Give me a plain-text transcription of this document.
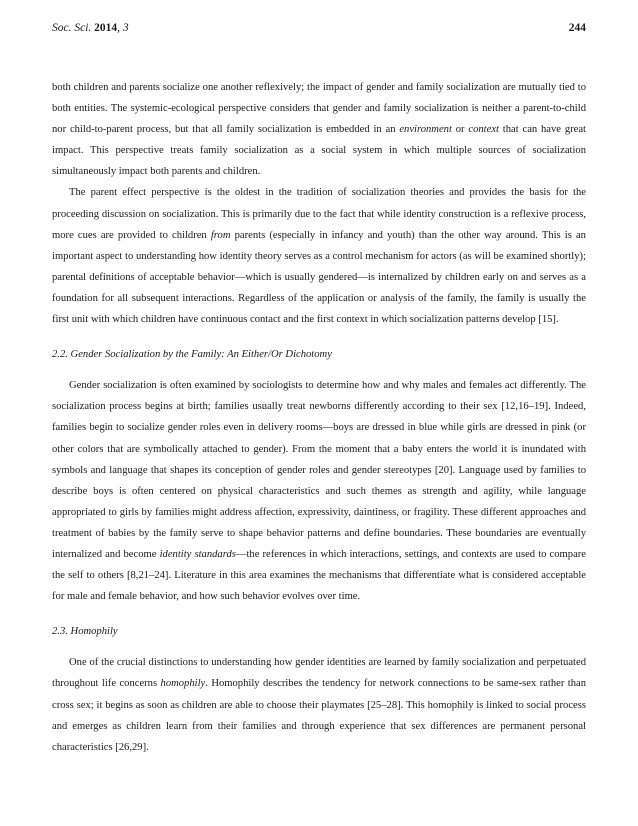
Soc. Sci. 2014, 3	244

both children and parents socialize one another reflexively; the impact of gender and family socialization are mutually tied to both entities. The systemic-ecological perspective considers that gender and family socialization is neither a parent-to-child nor child-to-parent process, but that all family socialization is embedded in an environment or context that can have great impact. This perspective treats family socialization as a social system in which multiple sources of socialization simultaneously impact both parents and children.

The parent effect perspective is the oldest in the tradition of socialization theories and provides the basis for the proceeding discussion on socialization. This is primarily due to the fact that while identity construction is a reflexive process, more cues are provided to children from parents (especially in infancy and youth) than the other way around. This is an important aspect to understanding how identity theory serves as a control mechanism for actors (as will be examined shortly); parental definitions of acceptable behavior—which is usually gendered—is internalized by children early on and serves as a foundation for all subsequent interactions. Regardless of the application or analysis of the family, the family is usually the first unit with which children have continuous contact and the first context in which socialization patterns develop [15].

2.2. Gender Socialization by the Family: An Either/Or Dichotomy

Gender socialization is often examined by sociologists to determine how and why males and females act differently. The socialization process begins at birth; families usually treat newborns differently according to their sex [12,16–19]. Indeed, families begin to socialize gender roles even in delivery rooms—boys are dressed in blue while girls are dressed in pink (or other colors that are symbolically attached to gender). From the moment that a baby enters the world it is inundated with symbols and language that shapes its conception of gender roles and gender stereotypes [20]. Language used by families to describe boys is often centered on physical characteristics and such themes as strength and agility, while language appropriated to girls by families might address affection, expressivity, daintiness, or fragility. These different approaches and treatment of babies by the family serve to shape behavior patterns and define boundaries. These boundaries are eventually internalized and become identity standards—the references in which interactions, settings, and contexts are used to compare the self to others [8,21–24]. Literature in this area examines the mechanisms that differentiate what is considered acceptable for male and female behavior, and how such behavior evolves over time.

2.3. Homophily

One of the crucial distinctions to understanding how gender identities are learned by family socialization and perpetuated throughout life concerns homophily. Homophily describes the tendency for network connections to be same-sex rather than cross sex; it begins as soon as children are able to choose their playmates [25–28]. This homophily is linked to social process and emerges as children learn from their families and through experience that sex differences are permanent personal characteristics [26,29].
